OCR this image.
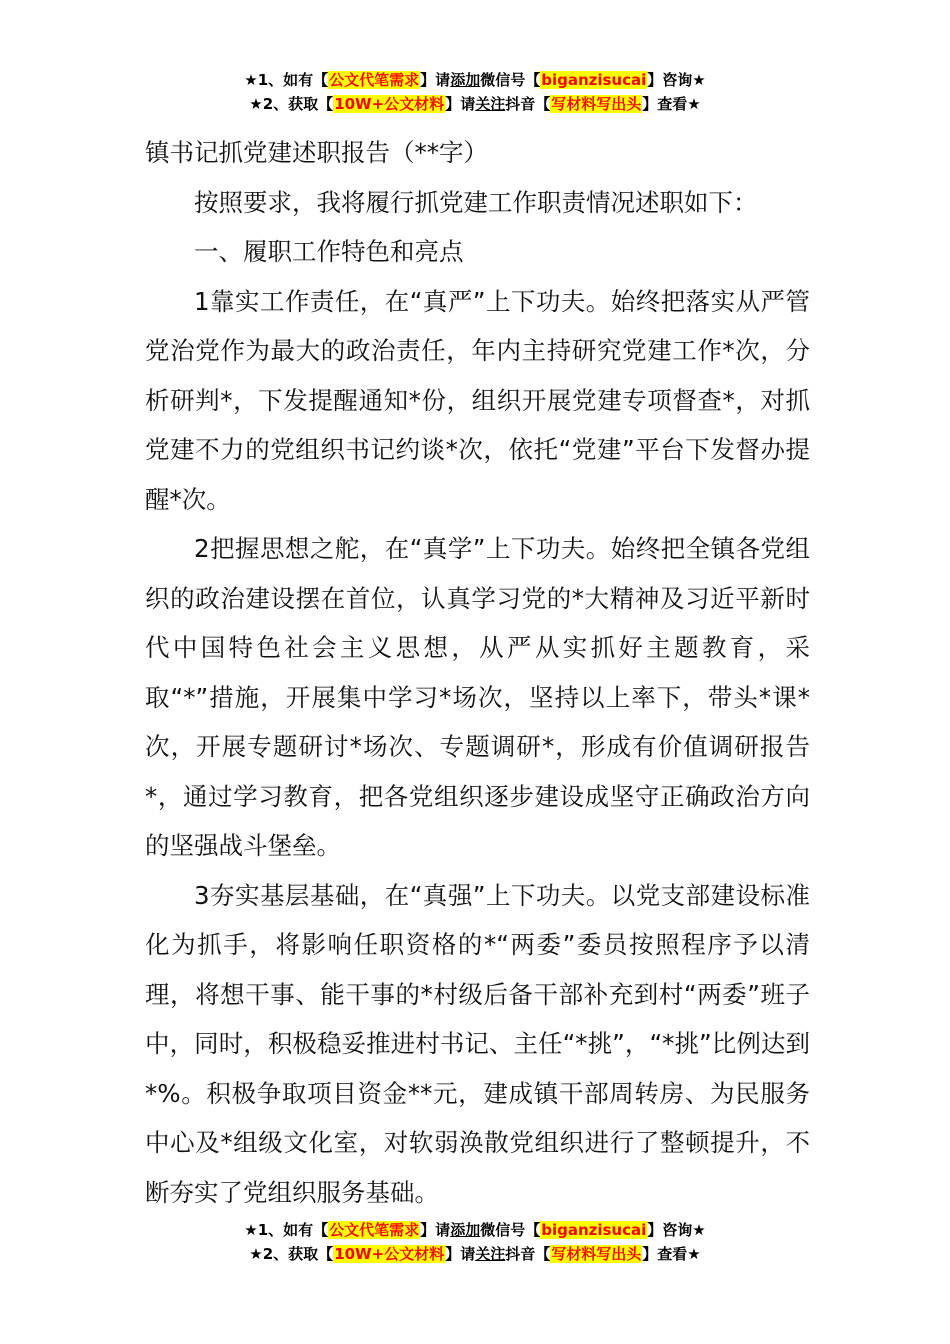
★1、如有【公文代笔需求】请添加微信号【biganzisucai】咨询★
★2、获取【10W+公文材料】请关注抖音【写材料写出头】查看★

镇书记抓党建述职报告（**字）

按照要求，我将履行抓党建工作职责情况述职如下：

一、履职工作特色和亮点

1靠实工作责任，在“真严”上下功夫。始终把落实从严管党治党作为最大的政治责任，年内主持研究党建工作*次，分析研判*，下发提醒通知*份，组织开展党建专项督查*，对抓党建不力的党组织书记约谈*次，依托“党建”平台下发督办提醒*次。

2把握思想之舵，在“真学”上下功夫。始终把全镇各党组织的政治建设摆在首位，认真学习党的*大精神及习近平新时代中国特色社会主义思想，从严从实抓好主题教育，采取“*”措施，开展集中学习*场次，坚持以上率下，带头*课*次，开展专题研讨*场次、专题调研*，形成有价值调研报告*，通过学习教育，把各党组织逐步建设成坚守正确政治方向的坚强战斗堡垒。

3夯实基层基础，在“真强”上下功夫。以党支部建设标准化为抓手，将影响任职资格的*“两委”委员按照程序予以清理，将想干事、能干事的*村级后备干部补充到村“两委”班子中，同时，积极稳妥推进村书记、主任“*挑”，“*挑”比例达到*%。积极争取项目资金**元，建成镇干部周转房、为民服务中心及*组级文化室，对软弱涣散党组织进行了整顿提升，不断夯实了党组织服务基础。

★1、如有【公文代笔需求】请添加微信号【biganzisucai】咨询★
★2、获取【10W+公文材料】请关注抖音【写材料写出头】查看★
